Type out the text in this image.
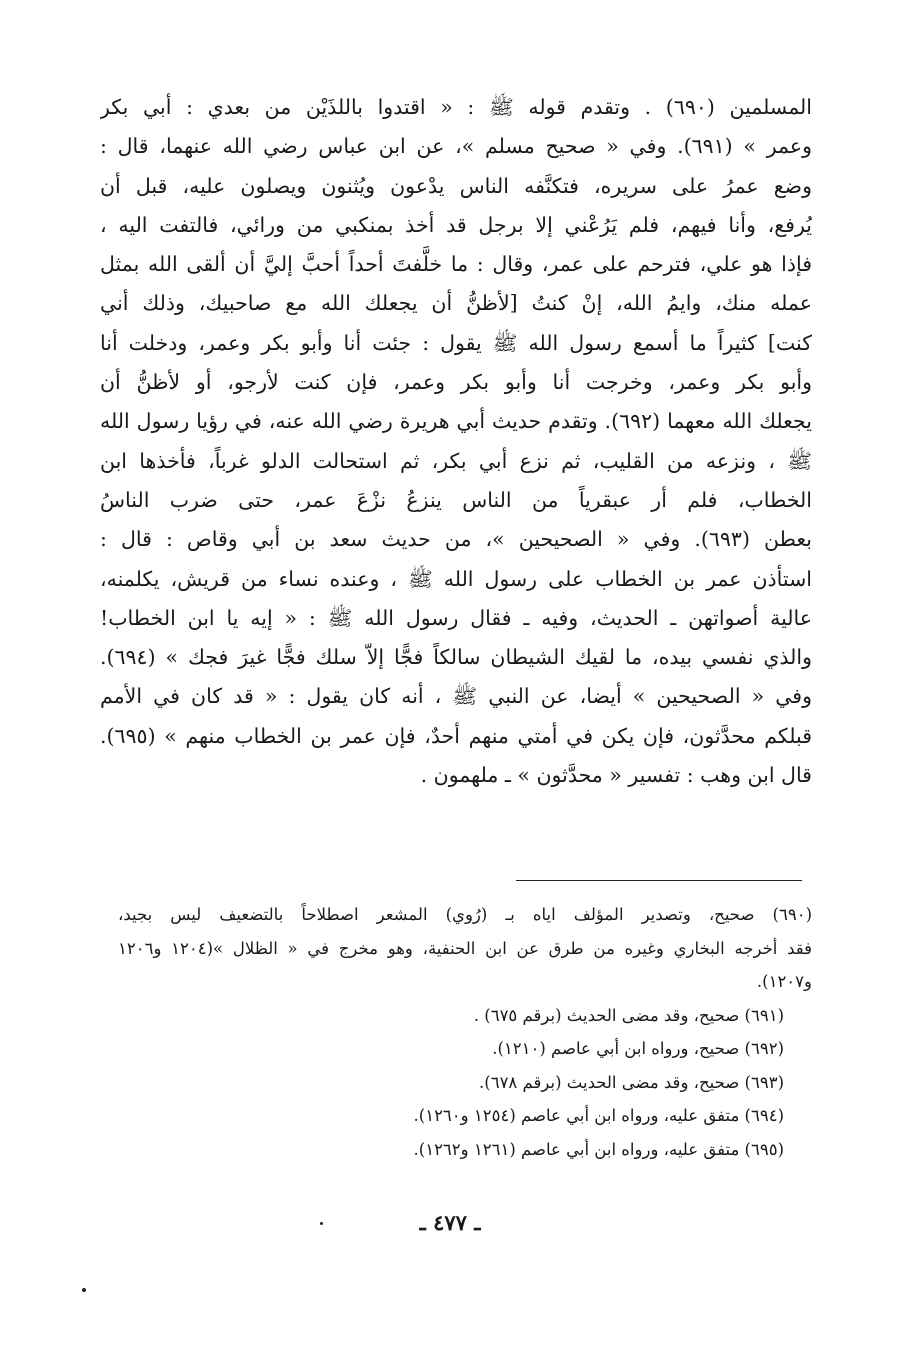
المسلمين (٦٩٠) . وتقدم قوله ﷺ : « اقتدوا باللذَيْن من بعدي : أبي بكر
وعمر » (٦٩١). وفي « صحيح مسلم »، عن ابن عباس رضي الله عنهما، قال :
وضع عمرُ على سريره، فتكنَّفه الناس يدْعون ويُثنون ويصلون عليه، قبل أن
يُرفع، وأنا فيهم، فلم يَرُعْني إلا برجل قد أخذ بمنكبي من ورائي، فالتفت اليه ،
فإذا هو علي، فترحم على عمر، وقال : ما خلَّفتَ أحداً أحبَّ إليَّ أن ألقى الله بمثل
عمله منك، وايمُ الله، إنْ كنتُ [لأظنُّ أن يجعلك الله مع صاحبيك، وذلك أني
كنت] كثيراً ما أسمع رسول الله ﷺ يقول : جئت أنا وأبو بكر وعمر، ودخلت أنا
وأبو بكر وعمر، وخرجت أنا وأبو بكر وعمر، فإن كنت لأرجو، أو لأظنُّ أن
يجعلك الله معهما (٦٩٢). وتقدم حديث أبي هريرة رضي الله عنه، في رؤيا رسول الله
ﷺ ، ونزعه من القليب، ثم نزع أبي بكر، ثم استحالت الدلو غرباً، فأخذها ابن
الخطاب، فلم أر عبقرياً من الناس ينزعُ نزْعَ عمر، حتى ضرب الناسُ
بعطن (٦٩٣). وفي « الصحيحين »، من حديث سعد بن أبي وقاص : قال :
استأذن عمر بن الخطاب على رسول الله ﷺ ، وعنده نساء من قريش، يكلمنه،
عالية أصواتهن ـ الحديث، وفيه ـ فقال رسول الله ﷺ : « إيه يا ابن الخطاب!
والذي نفسي بيده، ما لقيك الشيطان سالكاً فجًّا إلاّ سلك فجًّا غيرَ فجك » (٦٩٤).
وفي « الصحيحين » أيضا، عن النبي ﷺ ، أنه كان يقول : « قد كان في الأمم
قبلكم محدَّثون، فإن يكن في أمتي منهم أحدٌ، فإن عمر بن الخطاب منهم » (٦٩٥).
قال ابن وهب : تفسير « محدَّثون » ـ ملهمون .
(٦٩٠) صحيح، وتصدير المؤلف اياه بـ (رُوي) المشعر اصطلاحاً بالتضعيف ليس بجيد،
فقد أخرجه البخاري وغيره من طرق عن ابن الحنفية، وهو مخرج في « الظلال »(١٢٠٤ و١٢٠٦
و١٢٠٧).
(٦٩١) صحيح، وقد مضى الحديث (برقم ٦٧٥) .
(٦٩٢) صحيح، ورواه ابن أبي عاصم (١٢١٠).
(٦٩٣) صحيح، وقد مضى الحديث (برقم ٦٧٨).
(٦٩٤) متفق عليه، ورواه ابن أبي عاصم (١٢٥٤ و١٢٦٠).
(٦٩٥) متفق عليه، ورواه ابن أبي عاصم (١٢٦١ و١٢٦٢).
ـ ٤٧٧ ـ
